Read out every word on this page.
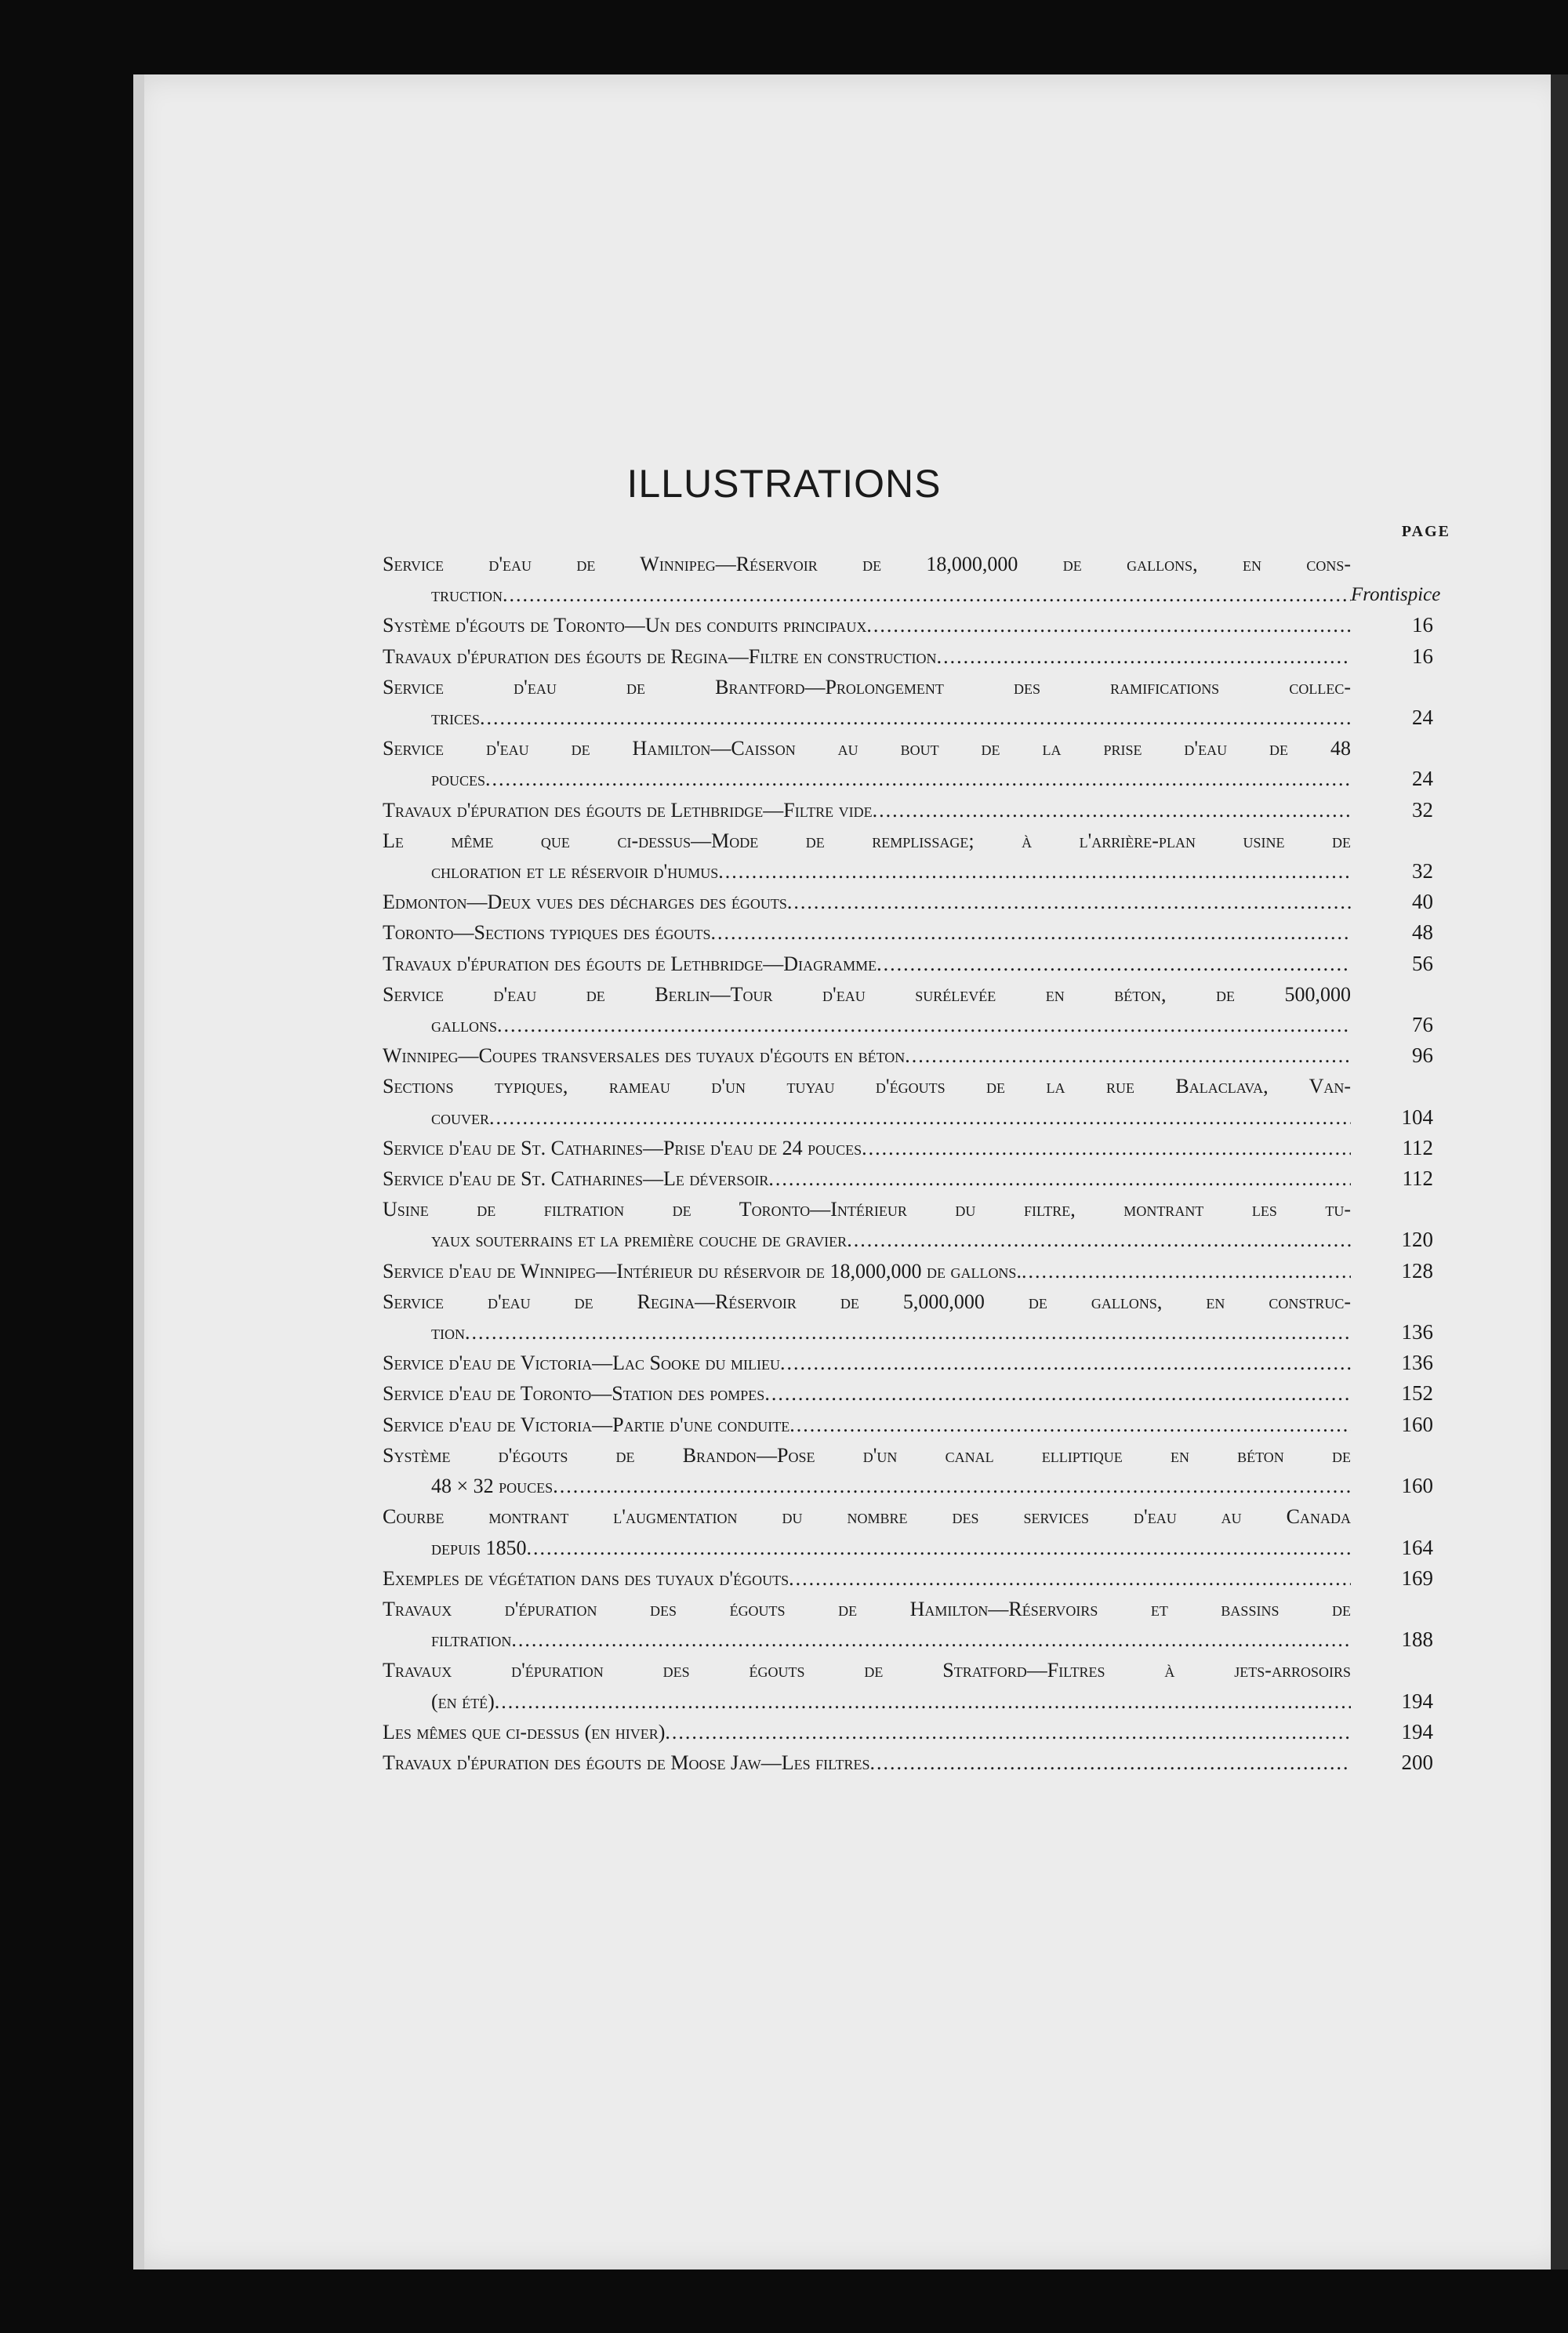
ILLUSTRATIONS
PAGE
Service d'eau de Winnipeg—Réservoir de 18,000,000 de gallons, en cons-
truction .....	Frontispice
Système d'égouts de Toronto—Un des conduits principaux .....	16
Travaux d'épuration des égouts de Regina—Filtre en construction .....	16
Service d'eau de Brantford—Prolongement des ramifications collec-
trices .....	24
Service d'eau de Hamilton—Caisson au bout de la prise d'eau de 48
pouces .....	24
Travaux d'épuration des égouts de Lethbridge—Filtre vide .....	32
Le même que ci-dessus—Mode de remplissage; à l'arrière-plan usine de
chloration et le réservoir d'humus .....	32
Edmonton—Deux vues des décharges des égouts .....	40
Toronto—Sections typiques des égouts .....	48
Travaux d'épuration des égouts de Lethbridge—Diagramme .....	56
Service d'eau de Berlin—Tour d'eau surélevée en béton, de 500,000
gallons .....	76
Winnipeg—Coupes transversales des tuyaux d'égouts en béton .....	96
Sections typiques, rameau d'un tuyau d'égouts de la rue Balaclava, Van-
couver .....	104
Service d'eau de St. Catharines—Prise d'eau de 24 pouces .....	112
Service d'eau de St. Catharines—Le déversoir .....	112
Usine de filtration de Toronto—Intérieur du filtre, montrant les tu-
yaux souterrains et la première couche de gravier .....	120
Service d'eau de Winnipeg—Intérieur du réservoir de 18,000,000 de gallons. .....	128
Service d'eau de Regina—Réservoir de 5,000,000 de gallons, en construc-
tion .....	136
Service d'eau de Victoria—Lac Sooke du milieu .....	136
Service d'eau de Toronto—Station des pompes .....	152
Service d'eau de Victoria—Partie d'une conduite .....	160
Système d'égouts de Brandon—Pose d'un canal elliptique en béton de
48 × 32 pouces .....	160
Courbe montrant l'augmentation du nombre des services d'eau au Canada
depuis 1850 .....	164
Exemples de végétation dans des tuyaux d'égouts .....	169
Travaux d'épuration des égouts de Hamilton—Réservoirs et bassins de
filtration .....	188
Travaux d'épuration des égouts de Stratford—Filtres à jets-arrosoirs
(en été) .....	194
Les mêmes que ci-dessus (en hiver) .....	194
Travaux d'épuration des égouts de Moose Jaw—Les filtres .....	200
